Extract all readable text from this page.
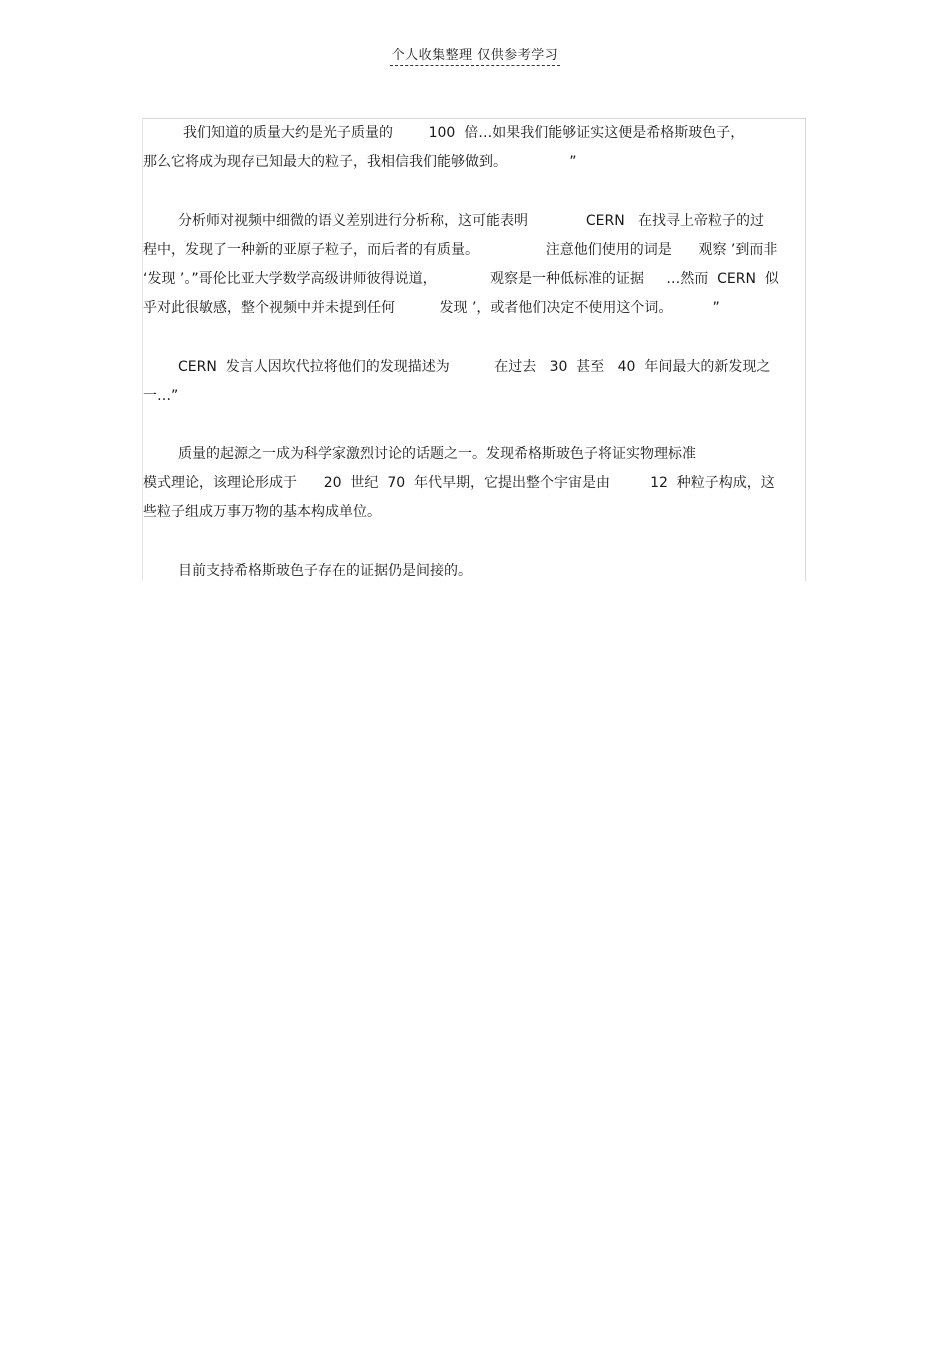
个人收集整理 仅供参考学习
我们知道的质量大约是光子质量的        100  倍…如果我们能够证实这便是希格斯玻色子，
那么它将成为现存已知最大的粒子，我相信我们能够做到。              ”
分析师对视频中细微的语义差别进行分析称，这可能表明             CERN   在找寻上帝粒子的过
程中，发现了一种新的亚原子粒子，而后者的有质量。               注意他们使用的词是      观察 ’到而非
‘发现 ’。”哥伦比亚大学数学高级讲师彼得说道，            观察是一种低标准的证据     …然而  CERN  似
乎对此很敏感，整个视频中并未提到任何          发现 ’，或者他们决定不使用这个词。         ”
CERN  发言人因坎代拉将他们的发现描述为          在过去   30  甚至   40  年间最大的新发现之
一…”
质量的起源之一成为科学家激烈讨论的话题之一。发现希格斯玻色子将证实物理标准
模式理论，该理论形成于      20  世纪  70  年代早期，它提出整个宇宙是由         12  种粒子构成，这
些粒子组成万事万物的基本构成单位。
目前支持希格斯玻色子存在的证据仍是间接的。
